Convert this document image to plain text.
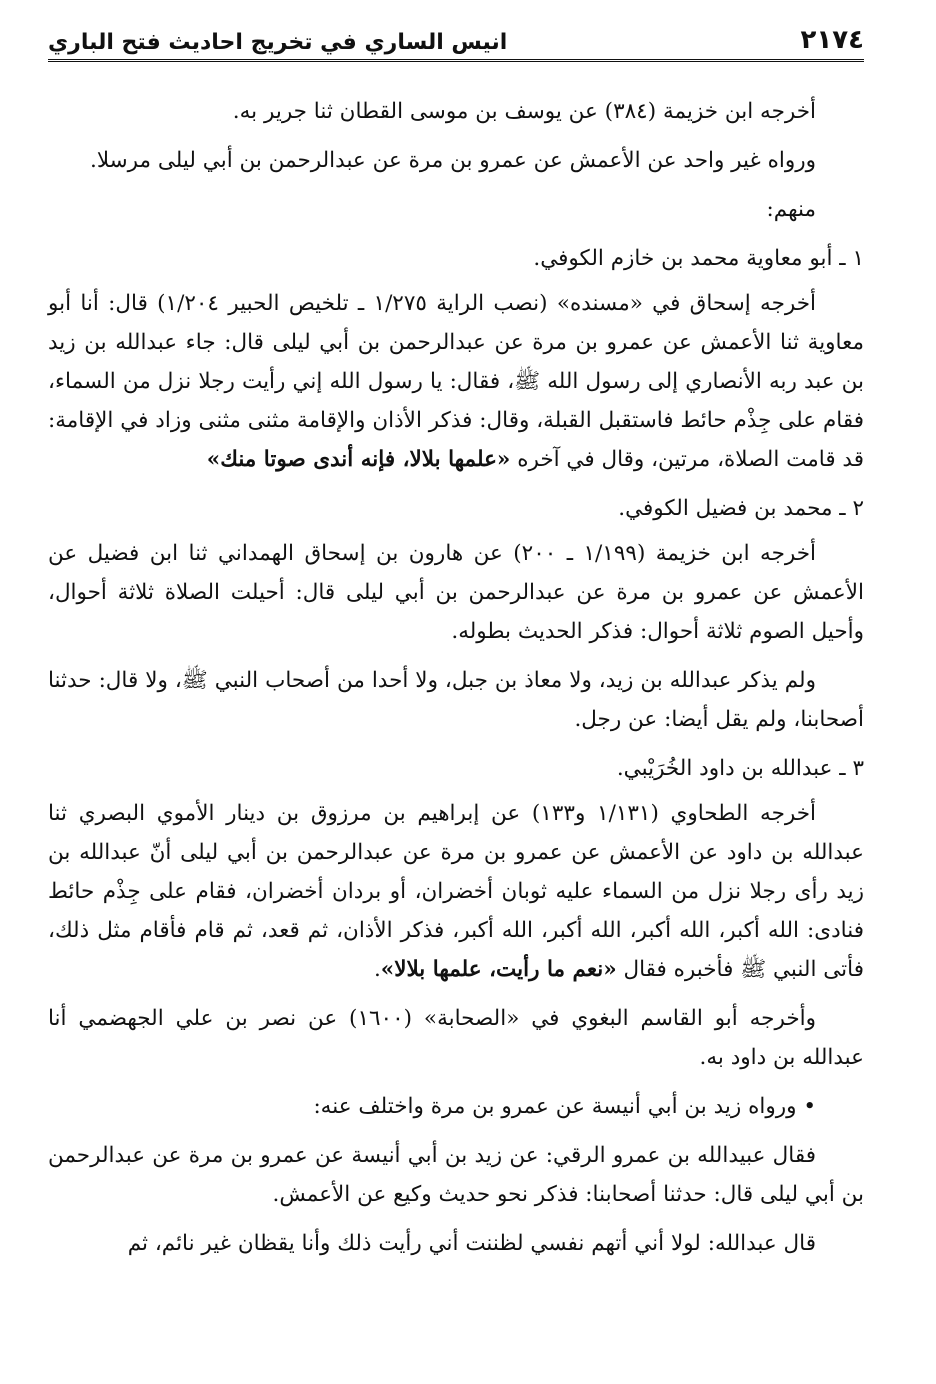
٢١٧٤
انيس الساري في تخريج احاديث فتح الباري

أخرجه ابن خزيمة (٣٨٤) عن يوسف بن موسى القطان ثنا جرير به.

ورواه غير واحد عن الأعمش عن عمرو بن مرة عن عبدالرحمن بن أبي ليلى مرسلا.

منهم:

١ ـ أبو معاوية محمد بن خازم الكوفي.

أخرجه إسحاق في «مسنده» (نصب الراية ١/٢٧٥ ـ تلخيص الحبير ١/٢٠٤) قال: أنا أبو معاوية ثنا الأعمش عن عمرو بن مرة عن عبدالرحمن بن أبي ليلى قال: جاء عبدالله بن زيد بن عبد ربه الأنصاري إلى رسول الله ﷺ، فقال: يا رسول الله إني رأيت رجلا نزل من السماء، فقام على جِذْم حائط فاستقبل القبلة، وقال: فذكر الأذان والإقامة مثنى مثنى وزاد في الإقامة: قد قامت الصلاة، مرتين، وقال في آخره «علمها بلالا، فإنه أندى صوتا منك»

٢ ـ محمد بن فضيل الكوفي.

أخرجه ابن خزيمة (١/١٩٩ ـ ٢٠٠) عن هارون بن إسحاق الهمداني ثنا ابن فضيل عن الأعمش عن عمرو بن مرة عن عبدالرحمن بن أبي ليلى قال: أحيلت الصلاة ثلاثة أحوال، وأحيل الصوم ثلاثة أحوال: فذكر الحديث بطوله.

ولم يذكر عبدالله بن زيد، ولا معاذ بن جبل، ولا أحدا من أصحاب النبي ﷺ، ولا قال: حدثنا أصحابنا، ولم يقل أيضا: عن رجل.

٣ ـ عبدالله بن داود الخُرَيْبي.

أخرجه الطحاوي (١/١٣١ و١٣٣) عن إبراهيم بن مرزوق بن دينار الأموي البصري ثنا عبدالله بن داود عن الأعمش عن عمرو بن مرة عن عبدالرحمن بن أبي ليلى أنّ عبدالله بن زيد رأى رجلا نزل من السماء عليه ثوبان أخضران، أو بردان أخضران، فقام على جِذْم حائط فنادى: الله أكبر، الله أكبر، الله أكبر، الله أكبر، فذكر الأذان، ثم قعد، ثم قام فأقام مثل ذلك، فأتى النبي ﷺ فأخبره فقال «نعم ما رأيت، علمها بلالا».

وأخرجه أبو القاسم البغوي في «الصحابة» (١٦٠٠) عن نصر بن علي الجهضمي أنا عبدالله بن داود به.

• ورواه زيد بن أبي أنيسة عن عمرو بن مرة واختلف عنه:

فقال عبيدالله بن عمرو الرقي: عن زيد بن أبي أنيسة عن عمرو بن مرة عن عبدالرحمن بن أبي ليلى قال: حدثنا أصحابنا: فذكر نحو حديث وكيع عن الأعمش.

قال عبدالله: لولا أني أتهم نفسي لظننت أني رأيت ذلك وأنا يقظان غير نائم، ثم
